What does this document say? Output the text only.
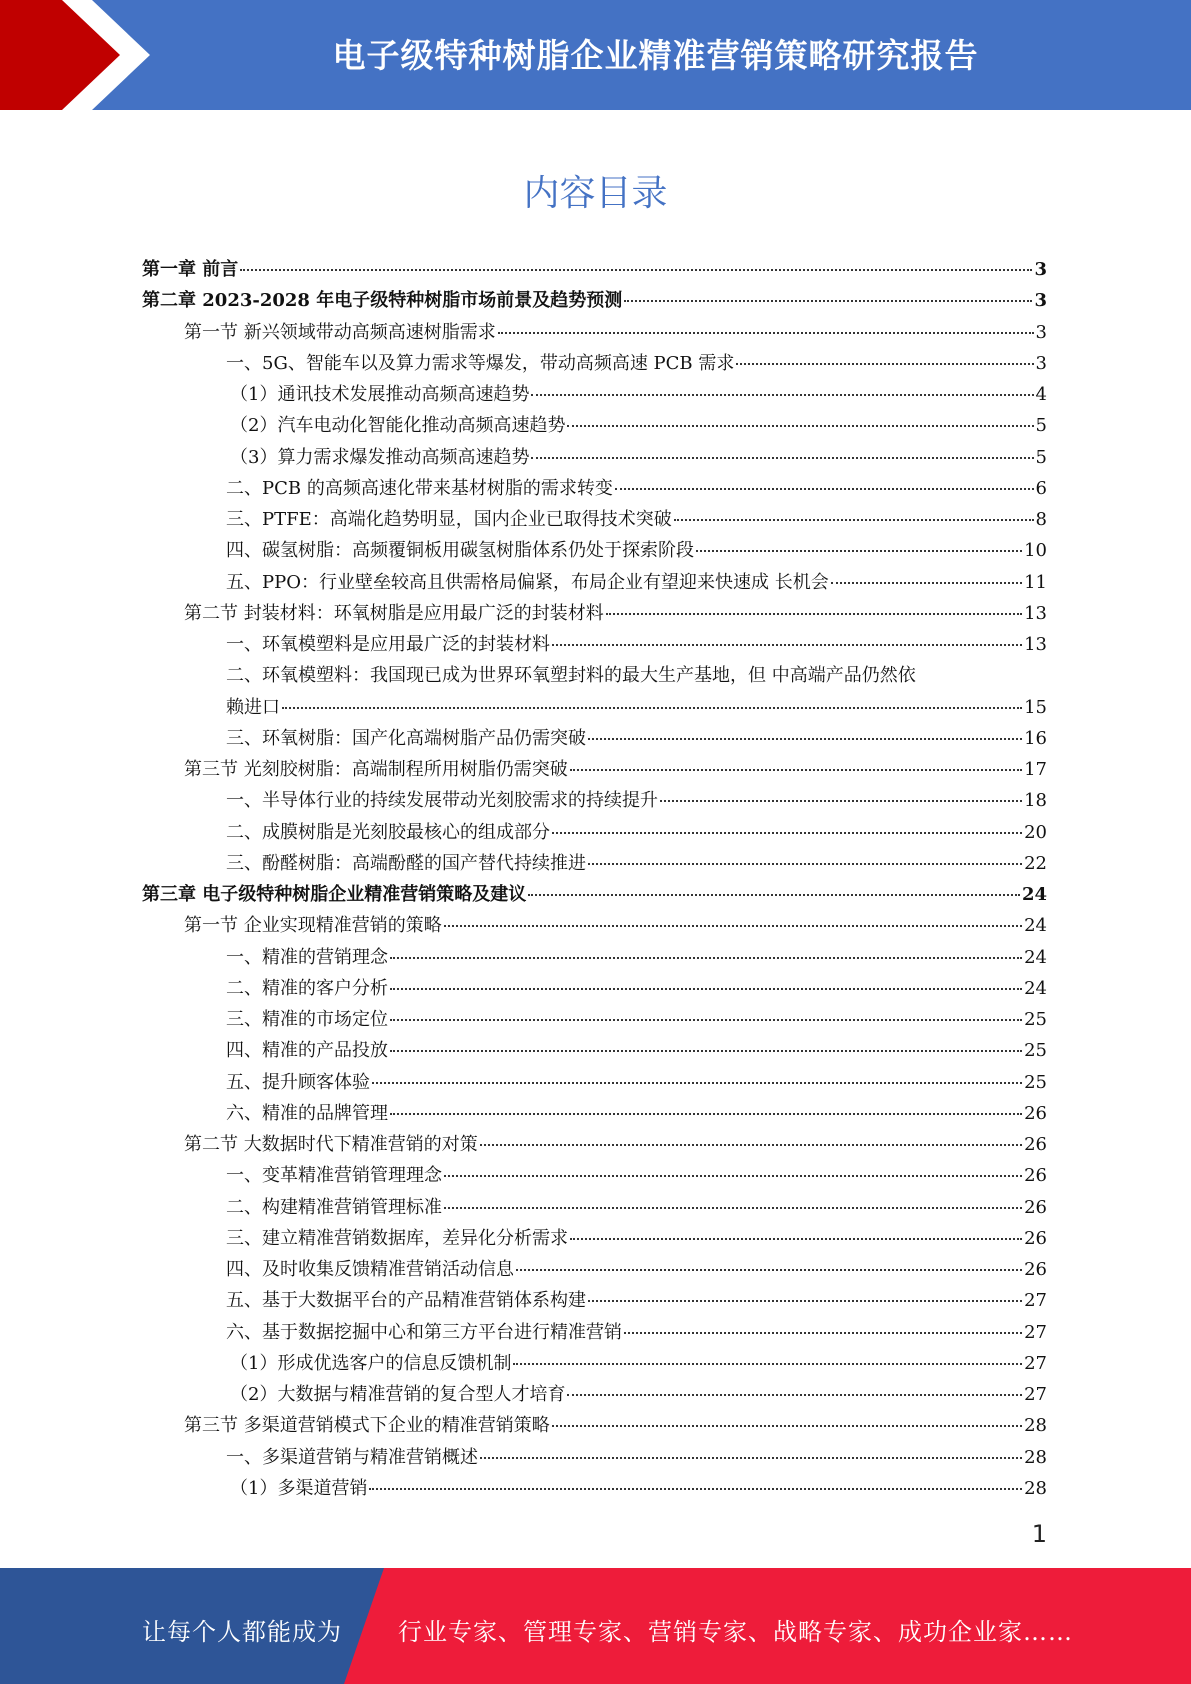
电子级特种树脂企业精准营销策略研究报告
内容目录
第一章 前言	3
第二章 2023-2028 年电子级特种树脂市场前景及趋势预测	3
第一节 新兴领域带动高频高速树脂需求	3
一、5G、智能车以及算力需求等爆发，带动高频高速 PCB 需求	3
（1）通讯技术发展推动高频高速趋势	4
（2）汽车电动化智能化推动高频高速趋势	5
（3）算力需求爆发推动高频高速趋势	5
二、PCB 的高频高速化带来基材树脂的需求转变	6
三、PTFE：高端化趋势明显，国内企业已取得技术突破	8
四、碳氢树脂：高频覆铜板用碳氢树脂体系仍处于探索阶段	10
五、PPO：行业壁垒较高且供需格局偏紧，布局企业有望迎来快速成 长机会	11
第二节 封装材料：环氧树脂是应用最广泛的封装材料	13
一、环氧模塑料是应用最广泛的封装材料	13
二、环氧模塑料：我国现已成为世界环氧塑封料的最大生产基地，但 中高端产品仍然依
赖进口	15
三、环氧树脂：国产化高端树脂产品仍需突破	16
第三节 光刻胶树脂：高端制程所用树脂仍需突破	17
一、半导体行业的持续发展带动光刻胶需求的持续提升	18
二、成膜树脂是光刻胶最核心的组成部分	20
三、酚醛树脂：高端酚醛的国产替代持续推进	22
第三章 电子级特种树脂企业精准营销策略及建议	24
第一节 企业实现精准营销的策略	24
一、精准的营销理念	24
二、精准的客户分析	24
三、精准的市场定位	25
四、精准的产品投放	25
五、提升顾客体验	25
六、精准的品牌管理	26
第二节 大数据时代下精准营销的对策	26
一、变革精准营销管理理念	26
二、构建精准营销管理标准	26
三、建立精准营销数据库，差异化分析需求	26
四、及时收集反馈精准营销活动信息	26
五、基于大数据平台的产品精准营销体系构建	27
六、基于数据挖掘中心和第三方平台进行精准营销	27
（1）形成优选客户的信息反馈机制	27
（2）大数据与精准营销的复合型人才培育	27
第三节 多渠道营销模式下企业的精准营销策略	28
一、多渠道营销与精准营销概述	28
（1）多渠道营销	28
1
让每个人都能成为 行业专家、管理专家、营销专家、战略专家、成功企业家……
